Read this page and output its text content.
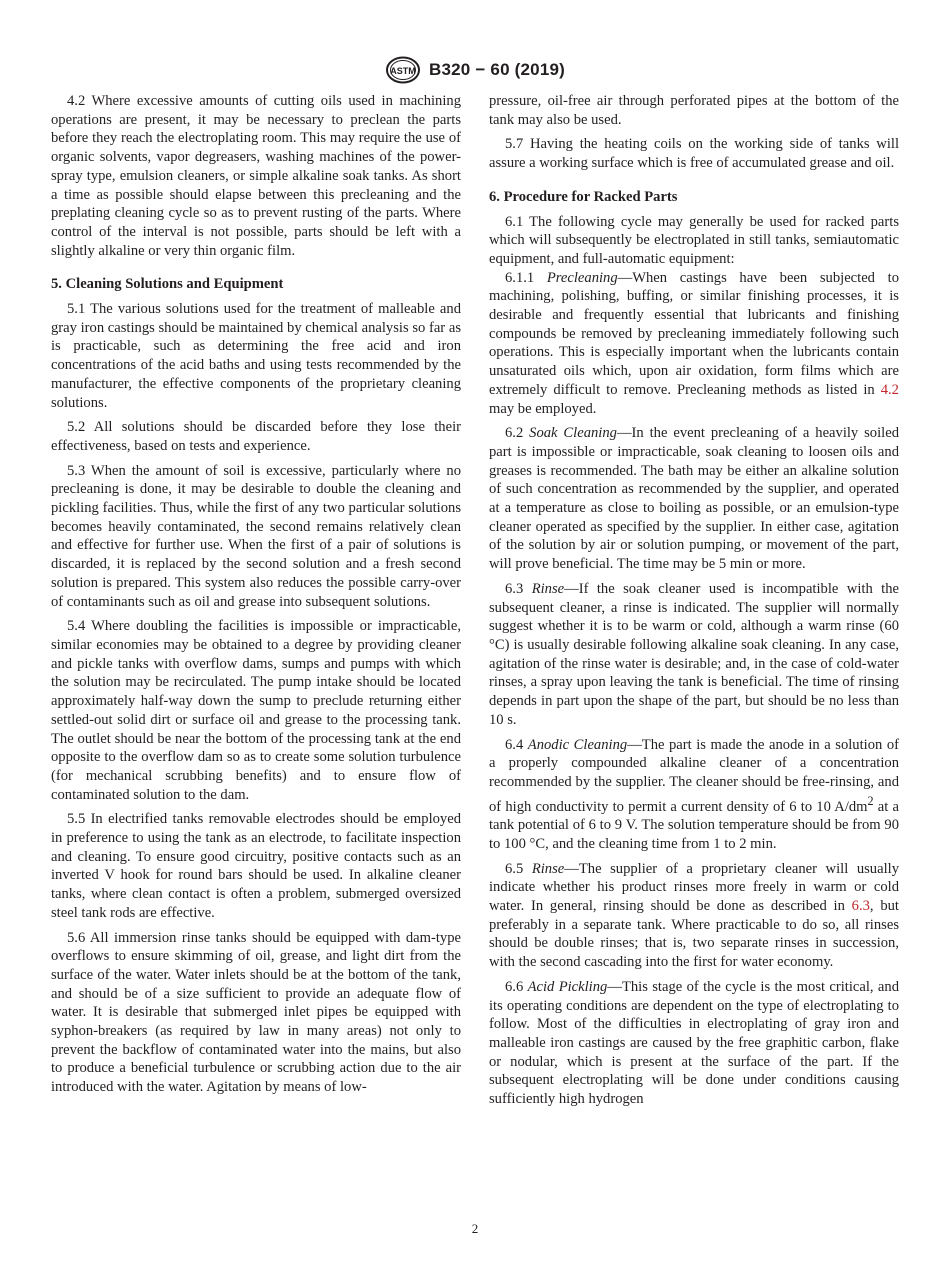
ASTM B320 − 60 (2019)

4.2 Where excessive amounts of cutting oils used in machining operations are present, it may be necessary to preclean the parts before they reach the electroplating room. This may require the use of organic solvents, vapor degreasers, washing machines of the power-spray type, emulsion cleaners, or simple alkaline soak tanks. As short a time as possible should elapse between this precleaning and the preplating cleaning cycle so as to prevent rusting of the parts. Where control of the interval is not possible, parts should be left with a slightly alkaline or very thin organic film.

5. Cleaning Solutions and Equipment

5.1 The various solutions used for the treatment of malleable and gray iron castings should be maintained by chemical analysis so far as is practicable, such as determining the free acid and iron concentrations of the acid baths and using tests recommended by the manufacturer, the effective components of the proprietary cleaning solutions.

5.2 All solutions should be discarded before they lose their effectiveness, based on tests and experience.

5.3 When the amount of soil is excessive, particularly where no precleaning is done, it may be desirable to double the cleaning and pickling facilities. Thus, while the first of any two particular solutions becomes heavily contaminated, the second remains relatively clean and effective for further use. When the first of a pair of solutions is discarded, it is replaced by the second solution and a fresh second solution is prepared. This system also reduces the possible carry-over of contaminants such as oil and grease into subsequent solutions.

5.4 Where doubling the facilities is impossible or impracticable, similar economies may be obtained to a degree by providing cleaner and pickle tanks with overflow dams, sumps and pumps with which the solution may be recirculated. The pump intake should be located approximately half-way down the sump to preclude returning either settled-out solid dirt or surface oil and grease to the processing tank. The outlet should be near the bottom of the processing tank at the end opposite to the overflow dam so as to create some solution turbulence (for mechanical scrubbing benefits) and to ensure flow of contaminated solution to the dam.

5.5 In electrified tanks removable electrodes should be employed in preference to using the tank as an electrode, to facilitate inspection and cleaning. To ensure good circuitry, positive contacts such as an inverted V hook for round bars should be used. In alkaline cleaner tanks, where clean contact is often a problem, submerged oversized steel tank rods are effective.

5.6 All immersion rinse tanks should be equipped with dam-type overflows to ensure skimming of oil, grease, and light dirt from the surface of the water. Water inlets should be at the bottom of the tank, and should be of a size sufficient to provide an adequate flow of water. It is desirable that submerged inlet pipes be equipped with syphon-breakers (as required by law in many areas) not only to prevent the backflow of contaminated water into the mains, but also to produce a beneficial turbulence or scrubbing action due to the air introduced with the water. Agitation by means of low-

pressure, oil-free air through perforated pipes at the bottom of the tank may also be used.

5.7 Having the heating coils on the working side of tanks will assure a working surface which is free of accumulated grease and oil.

6. Procedure for Racked Parts

6.1 The following cycle may generally be used for racked parts which will subsequently be electroplated in still tanks, semiautomatic equipment, and full-automatic equipment:

6.1.1 Precleaning—When castings have been subjected to machining, polishing, buffing, or similar finishing processes, it is desirable and frequently essential that lubricants and finishing compounds be removed by precleaning immediately following such operations. This is especially important when the lubricants contain unsaturated oils which, upon air oxidation, form films which are extremely difficult to remove. Precleaning methods as listed in 4.2 may be employed.

6.2 Soak Cleaning—In the event precleaning of a heavily soiled part is impossible or impracticable, soak cleaning to loosen oils and greases is recommended. The bath may be either an alkaline solution of such concentration as recommended by the supplier, and operated at a temperature as close to boiling as possible, or an emulsion-type cleaner operated as specified by the supplier. In either case, agitation of the solution by air or solution pumping, or movement of the part, will prove beneficial. The time may be 5 min or more.

6.3 Rinse—If the soak cleaner used is incompatible with the subsequent cleaner, a rinse is indicated. The supplier will normally suggest whether it is to be warm or cold, although a warm rinse (60 °C) is usually desirable following alkaline soak cleaning. In any case, agitation of the rinse water is desirable; and, in the case of cold-water rinses, a spray upon leaving the tank is beneficial. The time of rinsing depends in part upon the shape of the part, but should be no less than 10 s.

6.4 Anodic Cleaning—The part is made the anode in a solution of a properly compounded alkaline cleaner of a concentration recommended by the supplier. The cleaner should be free-rinsing, and of high conductivity to permit a current density of 6 to 10 $A/dm^2$ at a tank potential of 6 to 9 V. The solution temperature should be from 90 to 100 °C, and the cleaning time from 1 to 2 min.

6.5 Rinse—The supplier of a proprietary cleaner will usually indicate whether his product rinses more freely in warm or cold water. In general, rinsing should be done as described in 6.3, but preferably in a separate tank. Where practicable to do so, all rinses should be double rinses; that is, two separate rinses in succession, with the second cascading into the first for water economy.

6.6 Acid Pickling—This stage of the cycle is the most critical, and its operating conditions are dependent on the type of electroplating to follow. Most of the difficulties in electroplating of gray iron and malleable iron castings are caused by the free graphitic carbon, flake or nodular, which is present at the surface of the part. If the subsequent electroplating will be done under conditions causing sufficiently high hydrogen

2
